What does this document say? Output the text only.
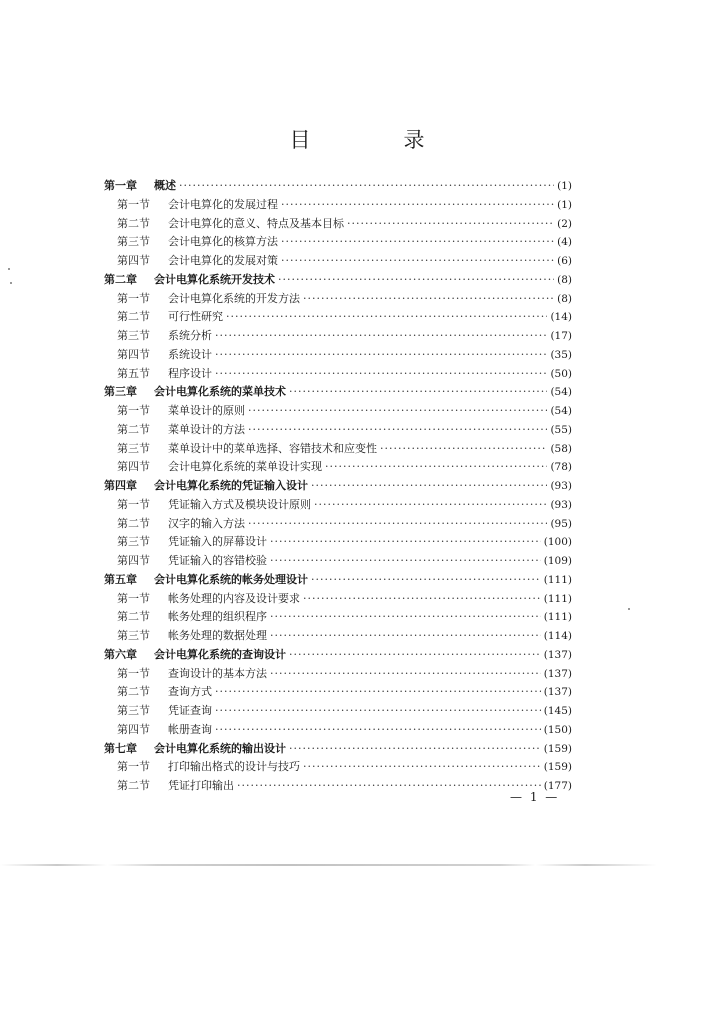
目　录
第一章	概述 ·····	(1)
第一节	会计电算化的发展过程 ·····	(1)
第二节	会计电算化的意义、特点及基本目标 ·····	(2)
第三节	会计电算化的核算方法 ·····	(4)
第四节	会计电算化的发展对策 ·····	(6)
第二章	会计电算化系统开发技术 ·····	(8)
第一节	会计电算化系统的开发方法 ·····	(8)
第二节	可行性研究 ·····	(14)
第三节	系统分析 ·····	(17)
第四节	系统设计 ·····	(35)
第五节	程序设计 ·····	(50)
第三章	会计电算化系统的菜单技术 ·····	(54)
第一节	菜单设计的原则 ·····	(54)
第二节	菜单设计的方法 ·····	(55)
第三节	菜单设计中的菜单选择、容错技术和应变性 ·····	(58)
第四节	会计电算化系统的菜单设计实现 ·····	(78)
第四章	会计电算化系统的凭证输入设计 ·····	(93)
第一节	凭证输入方式及模块设计原则 ·····	(93)
第二节	汉字的输入方法 ·····	(95)
第三节	凭证输入的屏幕设计 ·····	(100)
第四节	凭证输入的容错校验 ·····	(109)
第五章	会计电算化系统的帐务处理设计 ·····	(111)
第一节	帐务处理的内容及设计要求 ·····	(111)
第二节	帐务处理的组织程序 ·····	(111)
第三节	帐务处理的数据处理 ·····	(114)
第六章	会计电算化系统的查询设计 ·····	(137)
第一节	查询设计的基本方法 ·····	(137)
第二节	查询方式 ·····	(137)
第三节	凭证查询 ·····	(145)
第四节	帐册查询 ·····	(150)
第七章	会计电算化系统的输出设计 ·····	(159)
第一节	打印输出格式的设计与技巧 ·····	(159)
第二节	凭证打印输出 ·····	(177)
— 1 —
